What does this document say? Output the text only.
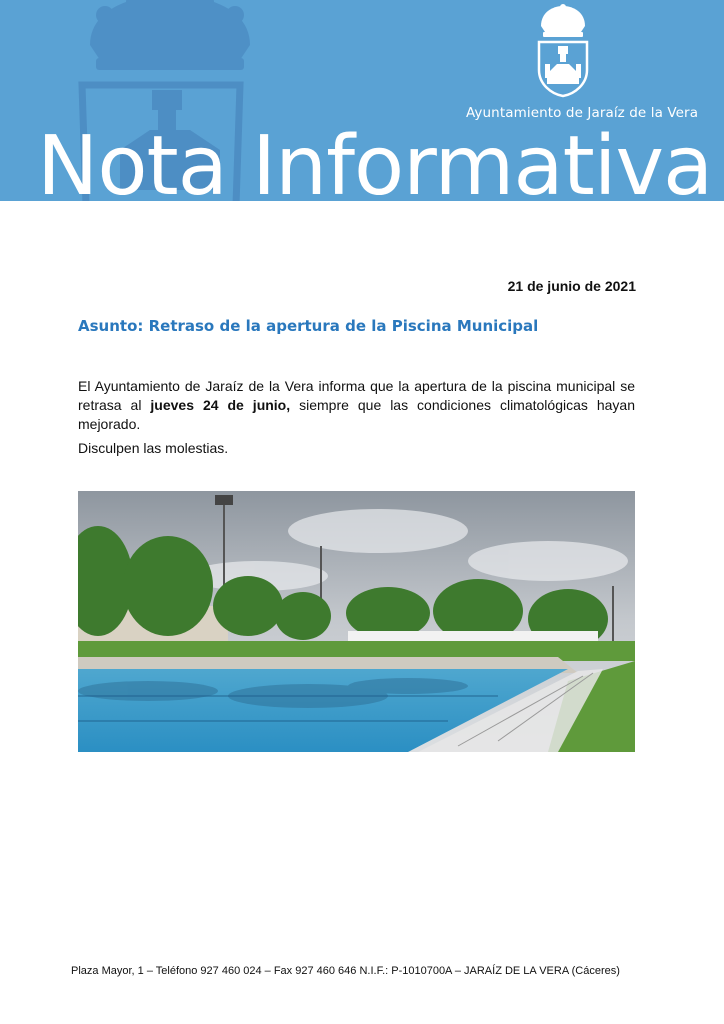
Ayuntamiento de Jaraíz de la Vera
Nota Informativa
21 de junio de 2021
Asunto: Retraso de la apertura de la Piscina Municipal
El Ayuntamiento de Jaraíz de la Vera informa que la apertura de la piscina municipal se retrasa al jueves 24 de junio, siempre que las condiciones climatológicas hayan mejorado.
Disculpen las molestias.
Plaza Mayor, 1 – Teléfono 927 460 024 – Fax 927 460 646 N.I.F.: P-1010700A – JARAÍZ DE LA VERA (Cáceres)
